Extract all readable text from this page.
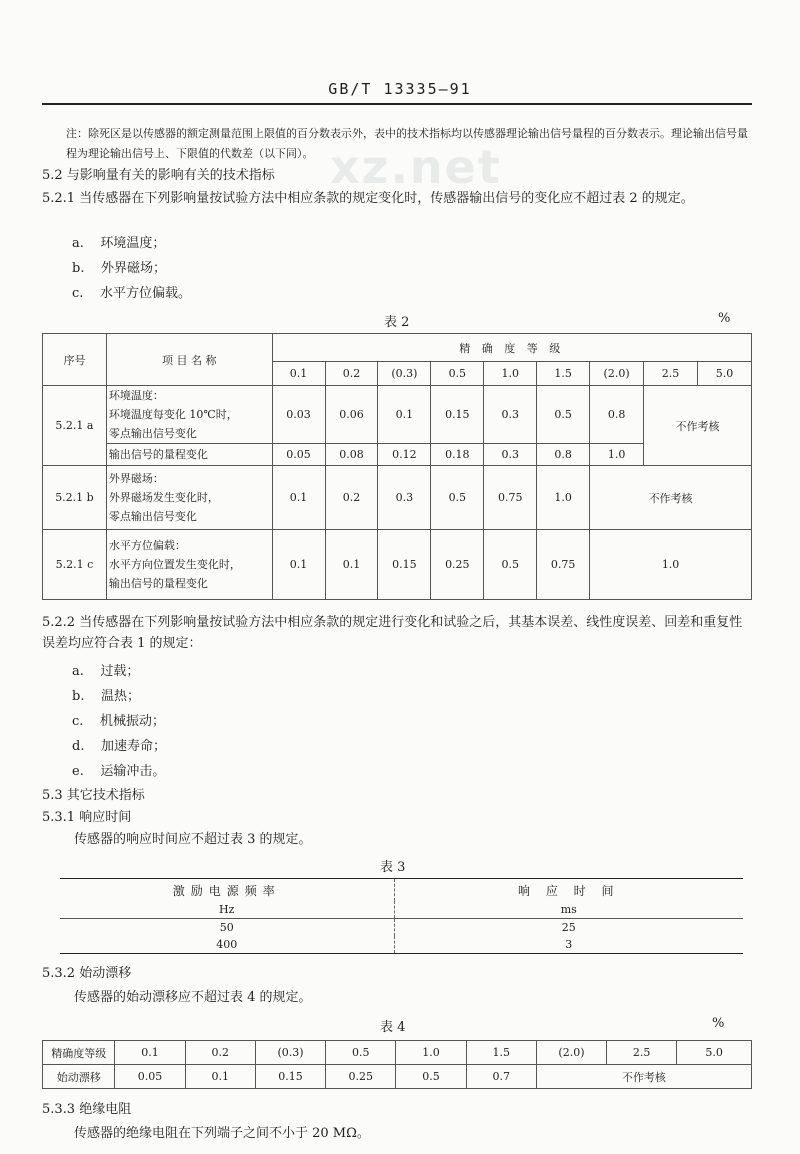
GB/T 13335—91
xz.net
注：除死区是以传感器的额定测量范围上限值的百分数表示外，表中的技术指标均以传感器理论输出信号量程的百分数表示。理论输出信号量程为理论输出信号上、下限值的代数差（以下同）。
5.2 与影响量有关的影响有关的技术指标
5.2.1 当传感器在下列影响量按试验方法中相应条款的规定变化时，传感器输出信号的变化应不超过表 2 的规定。
a. 环境温度；
b. 外界磁场；
c. 水平方位偏载。
表 2	%
序号	项 目 名 称	精 确 度 等 级								
		0.1	0.2	(0.3)	0.5	1.0	1.5	(2.0)	2.5	5.0
5.2.1 a	环境温度：
环境温度每变化 10℃时，
零点输出信号变化	0.03	0.06	0.1	0.15	0.3	0.5	0.8	不作考核	
	输出信号的量程变化	0.05	0.08	0.12	0.18	0.3	0.8	1.0		
5.2.1 b	外界磁场：
外界磁场发生变化时，
零点输出信号变化	0.1	0.2	0.3	0.5	0.75	1.0	不作考核		
5.2.1 c	水平方位偏载：
水平方向位置发生变化时，
输出信号的量程变化	0.1	0.1	0.15	0.25	0.5	0.75	1.0		
5.2.2 当传感器在下列影响量按试验方法中相应条款的规定进行变化和试验之后，其基本误差、线性度误差、回差和重复性误差均应符合表 1 的规定：
a. 过载；
b. 温热；
c. 机械振动；
d. 加速寿命；
e. 运输冲击。
5.3 其它技术指标
5.3.1 响应时间
传感器的响应时间应不超过表 3 的规定。
表 3
激励电源频率	响 应 时 间
Hz	ms
50	25
400	3
5.3.2 始动漂移
传感器的始动漂移应不超过表 4 的规定。
表 4	%
精确度等级	0.1	0.2	(0.3)	0.5	1.0	1.5	(2.0)	2.5	5.0
始动漂移	0.05	0.1	0.15	0.25	0.5	0.7	不作考核		
5.3.3 绝缘电阻
传感器的绝缘电阻在下列端子之间不小于 20 MΩ。
